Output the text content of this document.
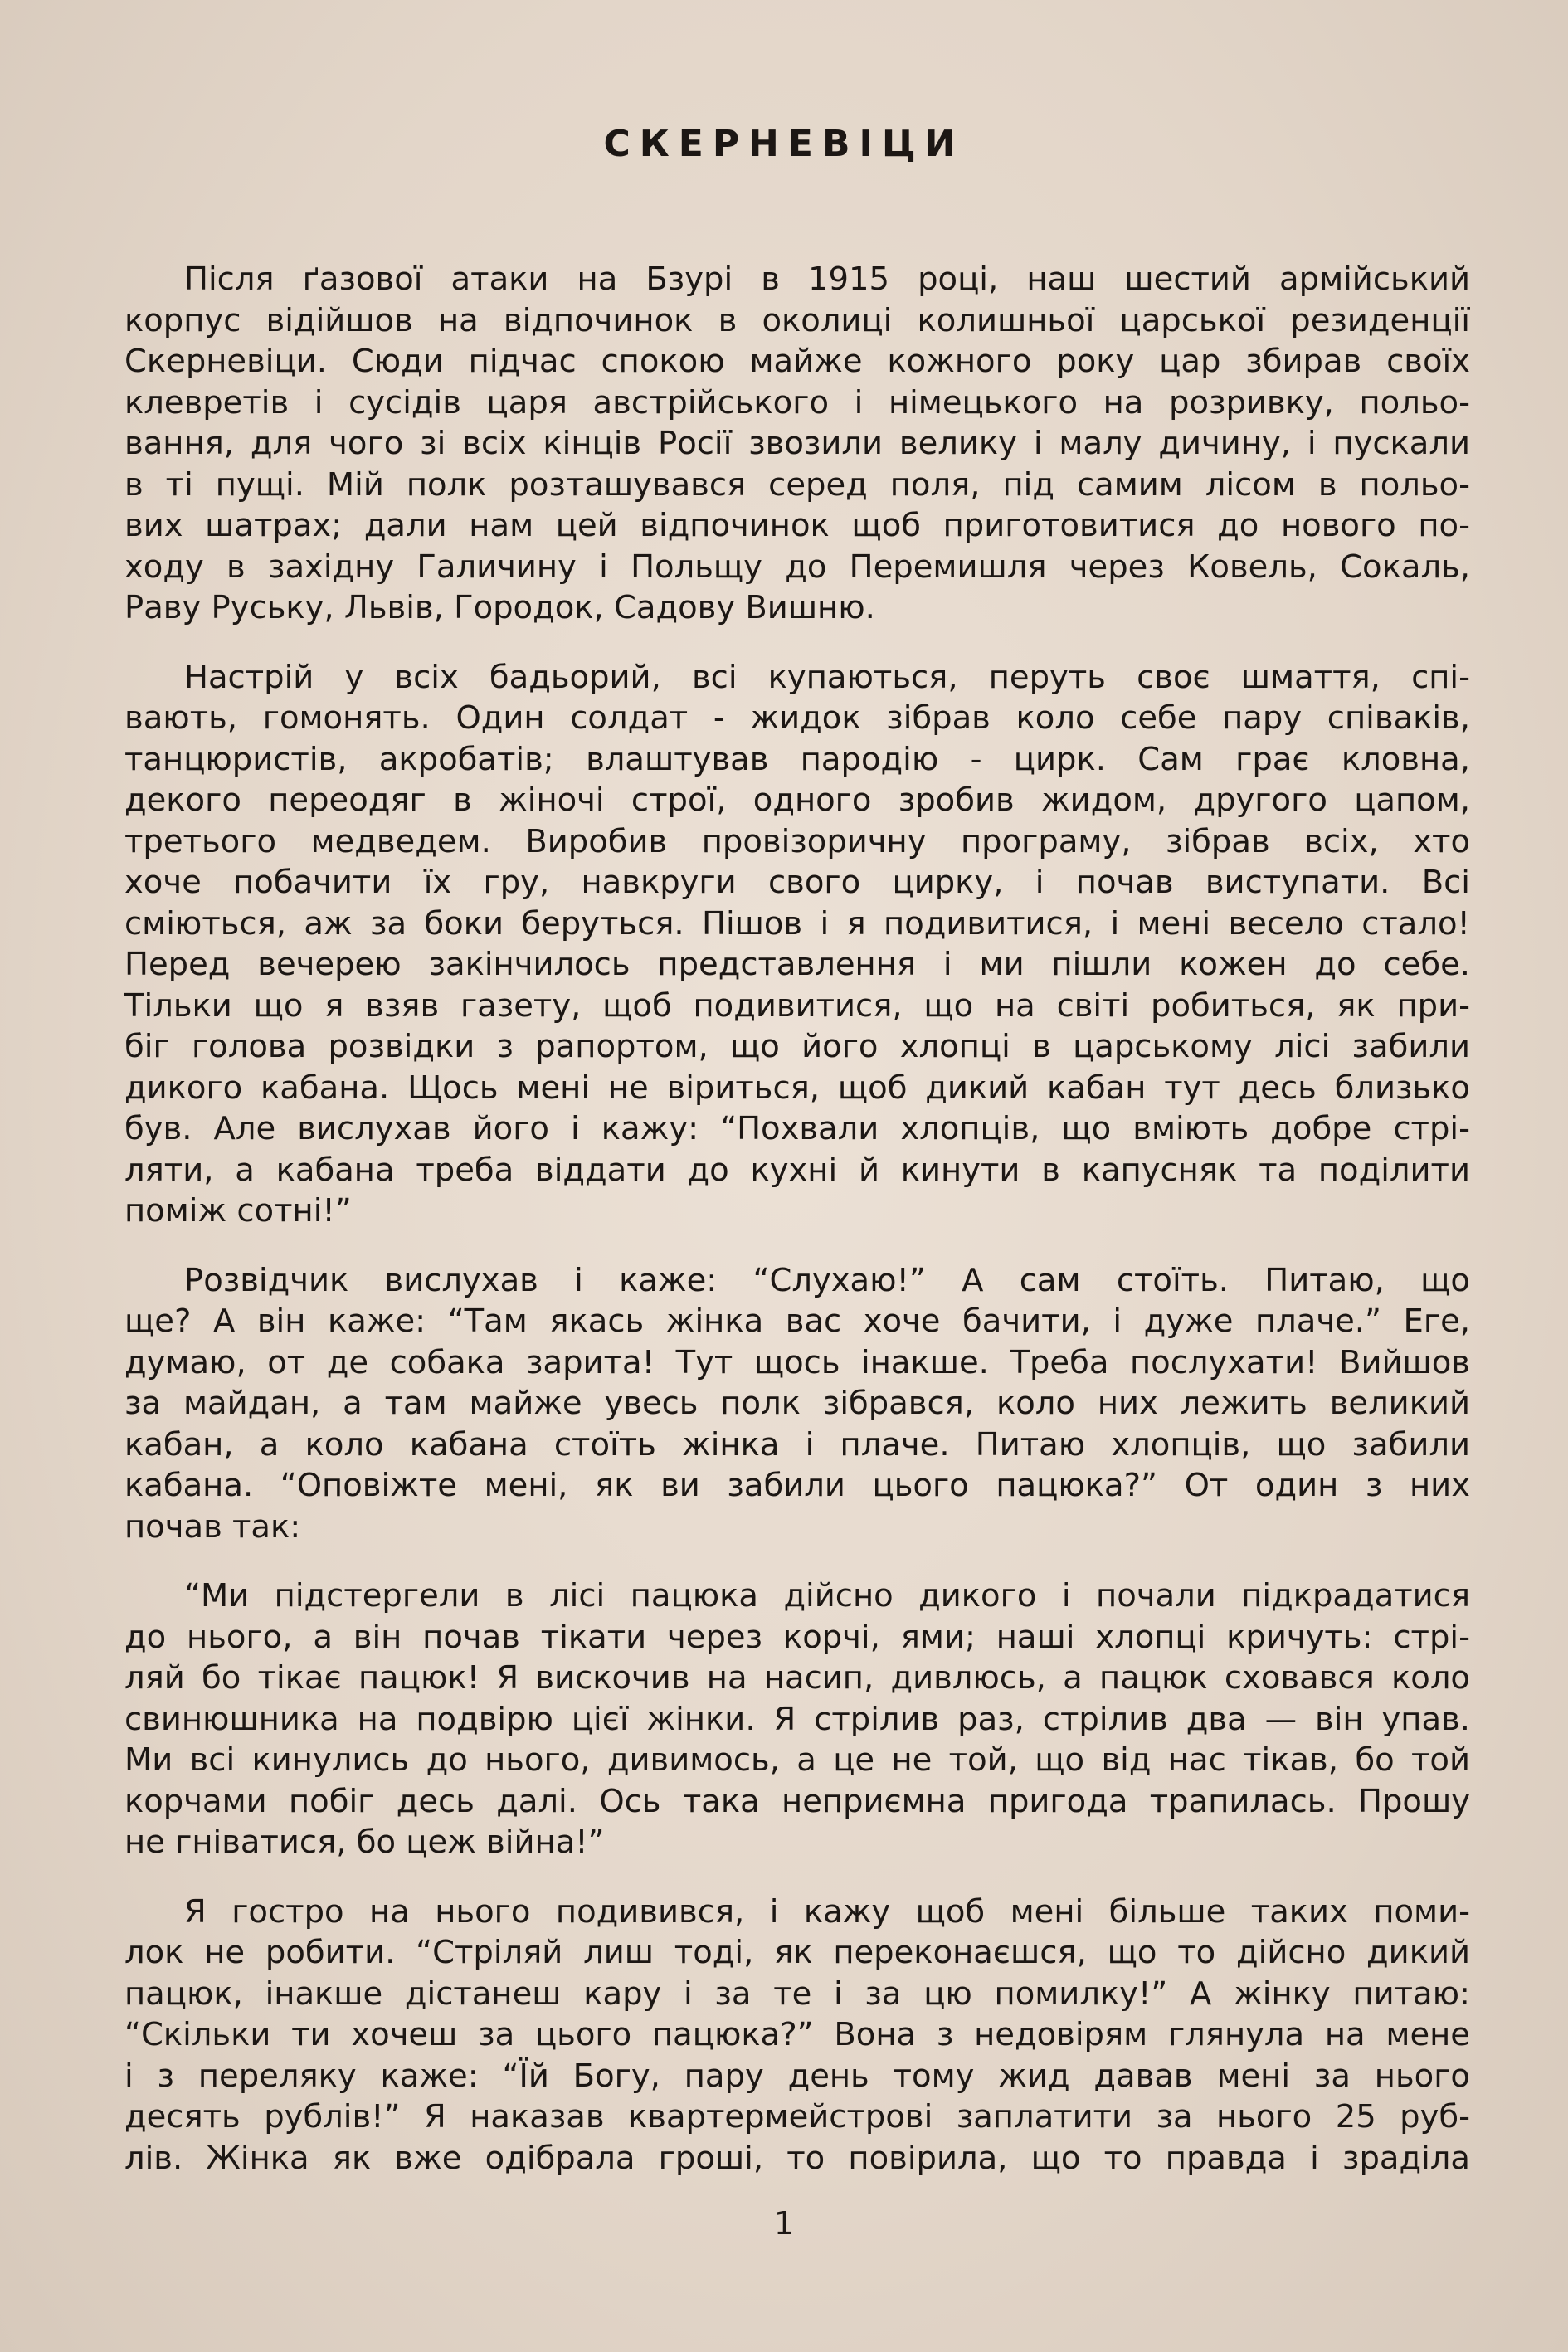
СКЕРНЕВІЦИ

Після ґазової атаки на Бзурі в 1915 році, наш шестий армійський
корпус відійшов на відпочинок в околиці колишньої царської резиденції
Скерневіци. Сюди підчас спокою майже кожного року цар збирав своїх
клевретів і сусідів царя австрійського і німецького на розривку, польо-
вання, для чого зі всіх кінців Росії звозили велику і малу дичину, і пускали
в ті пущі. Мій полк розташувався серед поля, під самим лісом в польо-
вих шатрах; дали нам цей відпочинок щоб приготовитися до нового по-
ходу в західну Галичину і Польщу до Перемишля через Ковель, Сокаль,
Раву Руську, Львів, Городок, Садову Вишню.

Настрій у всіх бадьорий, всі купаються, перуть своє шмаття, спі-
вають, гомонять. Один солдат - жидок зібрав коло себе пару співаків,
танцюристів, акробатів; влаштував пародію - цирк. Сам грає кловна,
декого переодяг в жіночі строї, одного зробив жидом, другого цапом,
третього медведем. Виробив провізоричну програму, зібрав всіх, хто
хоче побачити їх гру, навкруги свого цирку, і почав виступати. Всі
сміються, аж за боки беруться. Пішов і я подивитися, і мені весело стало!
Перед вечерею закінчилось представлення і ми пішли кожен до себе.
Тільки що я взяв газету, щоб подивитися, що на світі робиться, як при-
біг голова розвідки з рапортом, що його хлопці в царському лісі забили
дикого кабана. Щось мені не віриться, щоб дикий кабан тут десь близько
був. Але вислухав його і кажу: “Похвали хлопців, що вміють добре стрі-
ляти, а кабана треба віддати до кухні й кинути в капусняк та поділити
поміж сотні!”

Розвідчик вислухав і каже: “Слухаю!” А сам стоїть. Питаю, що
ще? А він каже: “Там якась жінка вас хоче бачити, і дуже плаче.” Еге,
думаю, от де собака зарита! Тут щось інакше. Треба послухати! Вийшов
за майдан, а там майже увесь полк зібрався, коло них лежить великий
кабан, а коло кабана стоїть жінка і плаче. Питаю хлопців, що забили
кабана. “Оповіжте мені, як ви забили цього пацюка?” От один з них
почав так:

“Ми підстергели в лісі пацюка дійсно дикого і почали підкрадатися
до нього, а він почав тікати через корчі, ями; наші хлопці кричуть: стрі-
ляй бо тікає пацюк! Я вискочив на насип, дивлюсь, а пацюк сховався коло
свинюшника на подвірю цієї жінки. Я стрілив раз, стрілив два — він упав.
Ми всі кинулись до нього, дивимось, а це не той, що від нас тікав, бо той
корчами побіг десь далі. Ось така неприємна пригода трапилась. Прошу
не гніватися, бо цеж війна!”

Я гостро на нього подивився, і кажу щоб мені більше таких поми-
лок не робити. “Стріляй лиш тоді, як переконаєшся, що то дійсно дикий
пацюк, інакше дістанеш кару і за те і за цю помилку!” А жінку питаю:
“Скільки ти хочеш за цього пацюка?” Вона з недовірям глянула на мене
і з переляку каже: “Їй Богу, пару день тому жид давав мені за нього
десять рублів!” Я наказав квартермейстрові заплатити за нього 25 руб-
лів. Жінка як вже одібрала гроші, то повірила, що то правда і зраділа

1
